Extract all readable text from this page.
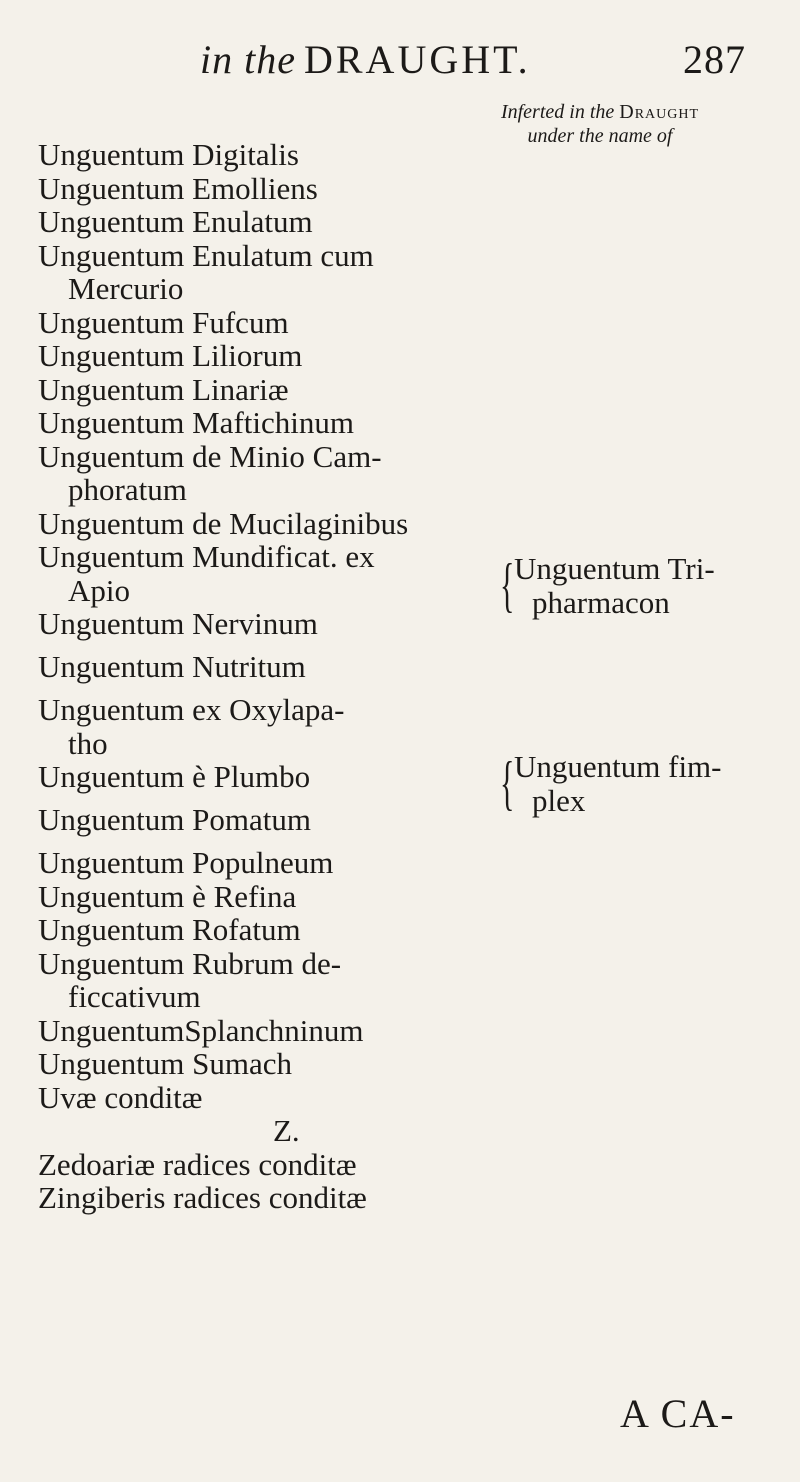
in the DRAUGHT.	287
Inferted in the Draught
under the name of
Unguentum Digitalis
Unguentum Emolliens
Unguentum Enulatum
Unguentum Enulatum cum
Mercurio
Unguentum Fufcum
Unguentum Liliorum
Unguentum Linariæ
Unguentum Maftichinum
Unguentum de Minio Cam-
phoratum
Unguentum de Mucilaginibus
Unguentum Mundificat. ex
Apio
Unguentum Nervinum
Unguentum Nutritum
Unguentum ex Oxylapa-
tho
Unguentum è Plumbo
Unguentum Pomatum
Unguentum Populneum
Unguentum è Refina
Unguentum Rofatum
Unguentum Rubrum de-
ficcativum
UnguentumSplanchninum
Unguentum Sumach
Uvæ conditæ
Z.
Zedoariæ radices conditæ
Zingiberis radices conditæ
{ Unguentum Tri-
pharmacon
{ Unguentum fim-
plex
A CA-
